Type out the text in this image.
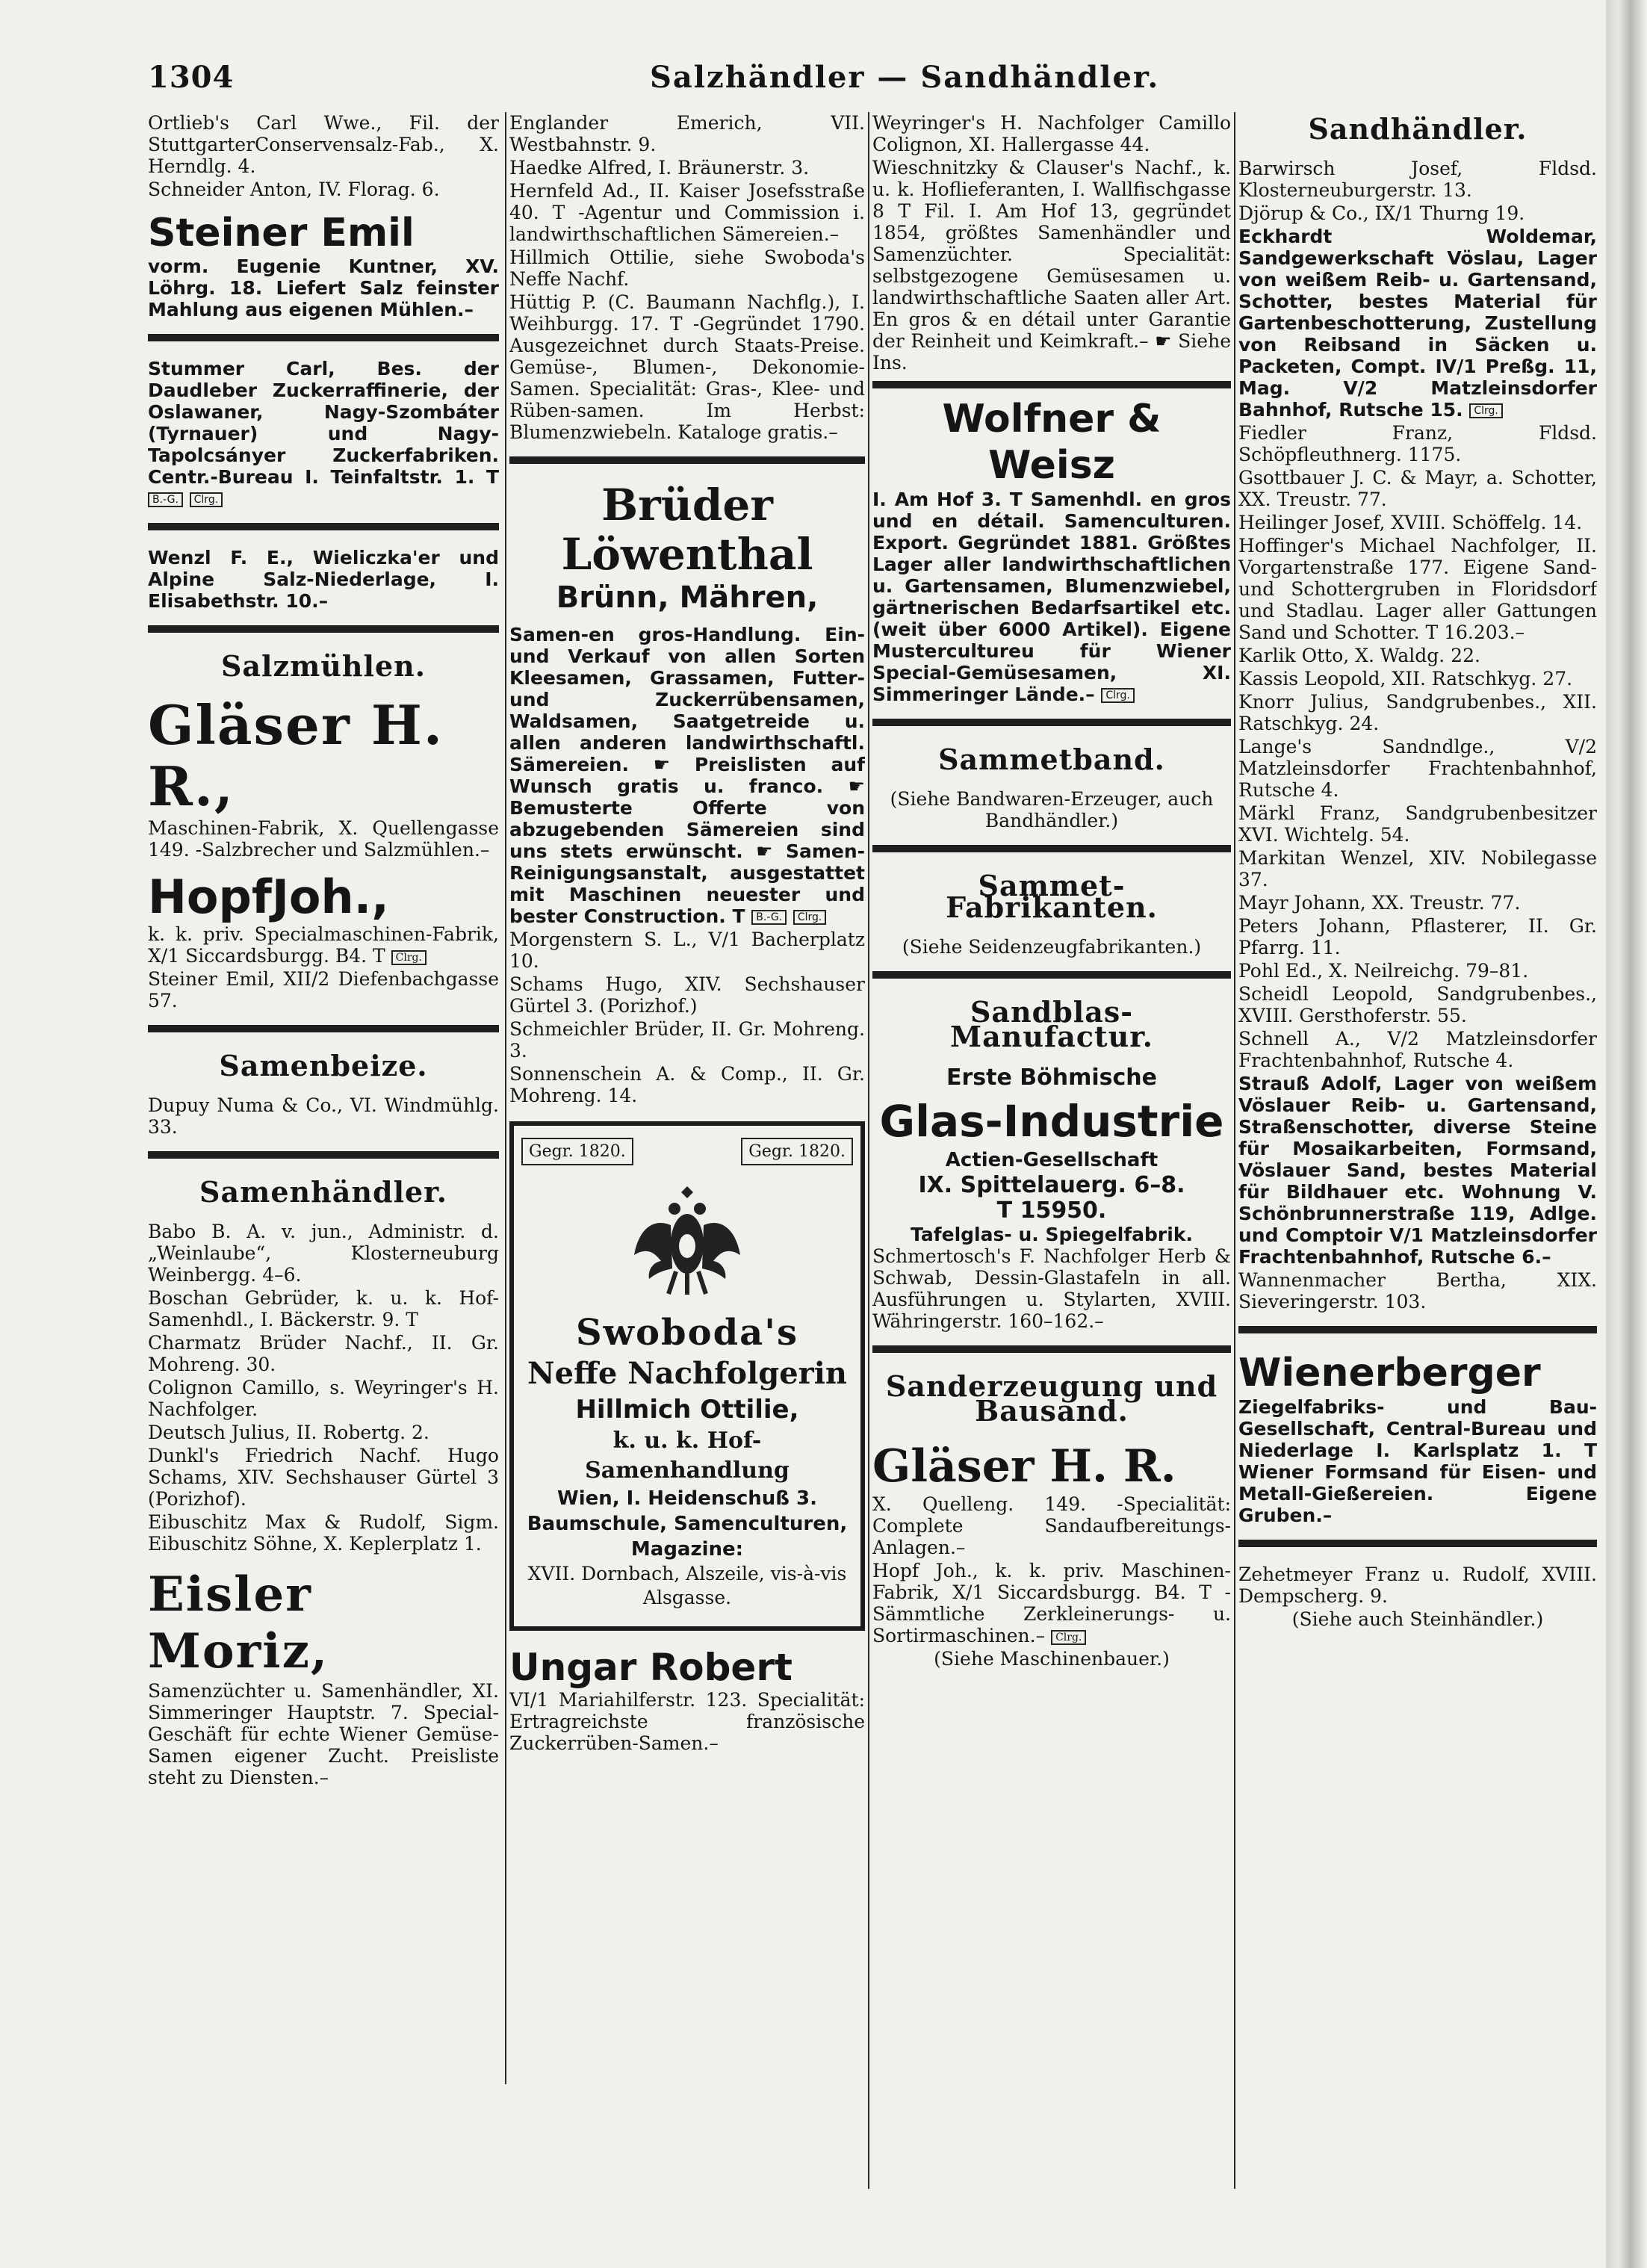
1304	Salzhändler — Sandhändler.

Ortlieb's Carl Wwe., Fil. der StuttgarterConservensalz-Fab., X. Herndlg. 4.

Schneider Anton, IV. Florag. 6.

Steiner Emil

vorm. Eugenie Kuntner, XV. Löhrg. 18. Liefert Salz feinster Mahlung aus eigenen Mühlen.–

Stummer Carl, Bes. der Daudleber Zuckerraffinerie, der Oslawaner, Nagy-Szombáter (Tyrnauer) und Nagy-Tapolcsányer Zuckerfabriken. Centr.-Bureau I. Teinfaltstr. 1. T B.-G. Clrg.

Wenzl F. E., Wieliczka'er und Alpine Salz-Niederlage, I. Elisabethstr. 10.–

Salzmühlen.
Gläser H. R.,

Maschinen-Fabrik, X. Quellengasse 149. -Salzbrecher und Salzmühlen.–

HopfJoh.,

k. k. priv. Specialmaschinen-Fabrik, X/1 Siccardsburgg. B4. T Clrg.

Steiner Emil, XII/2 Diefenbachgasse 57.

Samenbeize.

Dupuy Numa & Co., VI. Windmühlg. 33.

Samenhändler.

Babo B. A. v. jun., Administr. d. „Weinlaube“, Klosterneuburg Weinbergg. 4–6.

Boschan Gebrüder, k. u. k. Hof-Samenhdl., I. Bäckerstr. 9. T

Charmatz Brüder Nachf., II. Gr. Mohreng. 30.

Colignon Camillo, s. Weyringer's H. Nachfolger.

Deutsch Julius, II. Robertg. 2.

Dunkl's Friedrich Nachf. Hugo Schams, XIV. Sechshauser Gürtel 3 (Porizhof).

Eibuschitz Max & Rudolf, Sigm. Eibuschitz Söhne, X. Keplerplatz 1.

Eisler Moriz,

Samenzüchter u. Samenhändler, XI. Simmeringer Hauptstr. 7. Special-Geschäft für echte Wiener Gemüse-Samen eigener Zucht. Preisliste steht zu Diensten.–

Englander Emerich, VII. Westbahnstr. 9.

Haedke Alfred, I. Bräunerstr. 3.

Hernfeld Ad., II. Kaiser Josefsstraße 40. T -Agentur und Commission i. landwirthschaftlichen Sämereien.–

Hillmich Ottilie, siehe Swoboda's Neffe Nachf.

Hüttig P. (C. Baumann Nachflg.), I. Weihburgg. 17. T -Gegründet 1790. Ausgezeichnet durch Staats-Preise. Gemüse-, Blumen-, Dekonomie-Samen. Specialität: Gras-, Klee- und Rüben-samen. Im Herbst: Blumenzwiebeln. Kataloge gratis.–

Brüder Löwenthal
Brünn, Mähren,

Samen-en gros-Handlung. Ein- und Verkauf von allen Sorten Kleesamen, Grassamen, Futter- und Zuckerrübensamen, Waldsamen, Saatgetreide u. allen anderen landwirthschaftl. Sämereien. ☛ Preislisten auf Wunsch gratis u. franco. ☛ Bemusterte Offerte von abzugebenden Sämereien sind uns stets erwünscht. ☛ Samen-Reinigungsanstalt, ausgestattet mit Maschinen neuester und bester Construction. T B.-G. Clrg.

Morgenstern S. L., V/1 Bacherplatz 10.

Schams Hugo, XIV. Sechshauser Gürtel 3. (Porizhof.)

Schmeichler Brüder, II. Gr. Mohreng. 3.

Sonnenschein A. & Comp., II. Gr. Mohreng. 14.

Gegr. 1820.	Gegr. 1820.
Swoboda's
Neffe Nachfolgerin
Hillmich Ottilie,
k. u. k. Hof-Samenhandlung
Wien, I. Heidenschuß 3.
Baumschule, Samenculturen,
Magazine:
XVII. Dornbach, Alszeile, vis-à-vis Alsgasse.
Ungar Robert

VI/1 Mariahilferstr. 123. Specialität: Ertragreichste französische Zuckerrüben-Samen.–

Weyringer's H. Nachfolger Camillo Colignon, XI. Hallergasse 44.

Wieschnitzky & Clauser's Nachf., k. u. k. Hoflieferanten, I. Wallfischgasse 8 T Fil. I. Am Hof 13, gegründet 1854, größtes Samenhändler und Samenzüchter. Specialität: selbstgezogene Gemüsesamen u. landwirthschaftliche Saaten aller Art. En gros & en détail unter Garantie der Reinheit und Keimkraft.– ☛ Siehe Ins.

Wolfner & Weisz

I. Am Hof 3. T Samenhdl. en gros und en détail. Samenculturen. Export. Gegründet 1881. Größtes Lager aller landwirthschaftlichen u. Gartensamen, Blumenzwiebel, gärtnerischen Bedarfsartikel etc. (weit über 6000 Artikel). Eigene Mustercultureu für Wiener Special-Gemüsesamen, XI. Simmeringer Lände.– Clrg.

Sammetband.

(Siehe Bandwaren-Erzeuger, auch Bandhändler.)

Sammet-Fabrikanten.

(Siehe Seidenzeugfabrikanten.)

Sandblas-
Manufactur.
Erste Böhmische
Glas-Industrie
Actien-Gesellschaft
IX. Spittelauerg. 6–8.
T 15950.
Tafelglas- u. Spiegelfabrik.

Schmertosch's F. Nachfolger Herb & Schwab, Dessin-Glastafeln in all. Ausführungen u. Stylarten, XVIII. Währingerstr. 160–162.–

Sanderzeugung und
Bausand.
Gläser H. R.

X. Quelleng. 149. -Specialität: Complete Sandaufbereitungs-Anlagen.–

Hopf Joh., k. k. priv. Maschinen-Fabrik, X/1 Siccardsburgg. B4. T -Sämmtliche Zerkleinerungs- u. Sortirmaschinen.– Clrg.

(Siehe Maschinenbauer.)

Sandhändler.

Barwirsch Josef, Fldsd. Klosterneuburgerstr. 13.

Djörup & Co., IX/1 Thurng 19.

Eckhardt Woldemar, Sandgewerkschaft Vöslau, Lager von weißem Reib- u. Gartensand, Schotter, bestes Material für Gartenbeschotterung, Zustellung von Reibsand in Säcken u. Packeten, Compt. IV/1 Preßg. 11, Mag. V/2 Matzleinsdorfer Bahnhof, Rutsche 15. Clrg.

Fiedler Franz, Fldsd. Schöpfleuthnerg. 1175.

Gsottbauer J. C. & Mayr, a. Schotter, XX. Treustr. 77.

Heilinger Josef, XVIII. Schöffelg. 14.

Hoffinger's Michael Nachfolger, II. Vorgartenstraße 177. Eigene Sand- und Schottergruben in Floridsdorf und Stadlau. Lager aller Gattungen Sand und Schotter. T 16.203.–

Karlik Otto, X. Waldg. 22.

Kassis Leopold, XII. Ratschkyg. 27.

Knorr Julius, Sandgrubenbes., XII. Ratschkyg. 24.

Lange's Sandndlge., V/2 Matzleinsdorfer Frachtenbahnhof, Rutsche 4.

Märkl Franz, Sandgrubenbesitzer XVI. Wichtelg. 54.

Markitan Wenzel, XIV. Nobilegasse 37.

Mayr Johann, XX. Treustr. 77.

Peters Johann, Pflasterer, II. Gr. Pfarrg. 11.

Pohl Ed., X. Neilreichg. 79–81.

Scheidl Leopold, Sandgrubenbes., XVIII. Gersthoferstr. 55.

Schnell A., V/2 Matzleinsdorfer Frachtenbahnhof, Rutsche 4.

Strauß Adolf, Lager von weißem Vöslauer Reib- u. Gartensand, Straßenschotter, diverse Steine für Mosaikarbeiten, Formsand, Vöslauer Sand, bestes Material für Bildhauer etc. Wohnung V. Schönbrunnerstraße 119, Adlge. und Comptoir V/1 Matzleinsdorfer Frachtenbahnhof, Rutsche 6.–

Wannenmacher Bertha, XIX. Sieveringerstr. 103.

Wienerberger

Ziegelfabriks- und Bau-Gesellschaft, Central-Bureau und Niederlage I. Karlsplatz 1. T Wiener Formsand für Eisen- und Metall-Gießereien. Eigene Gruben.–

Zehetmeyer Franz u. Rudolf, XVIII. Dempscherg. 9.

(Siehe auch Steinhändler.)
